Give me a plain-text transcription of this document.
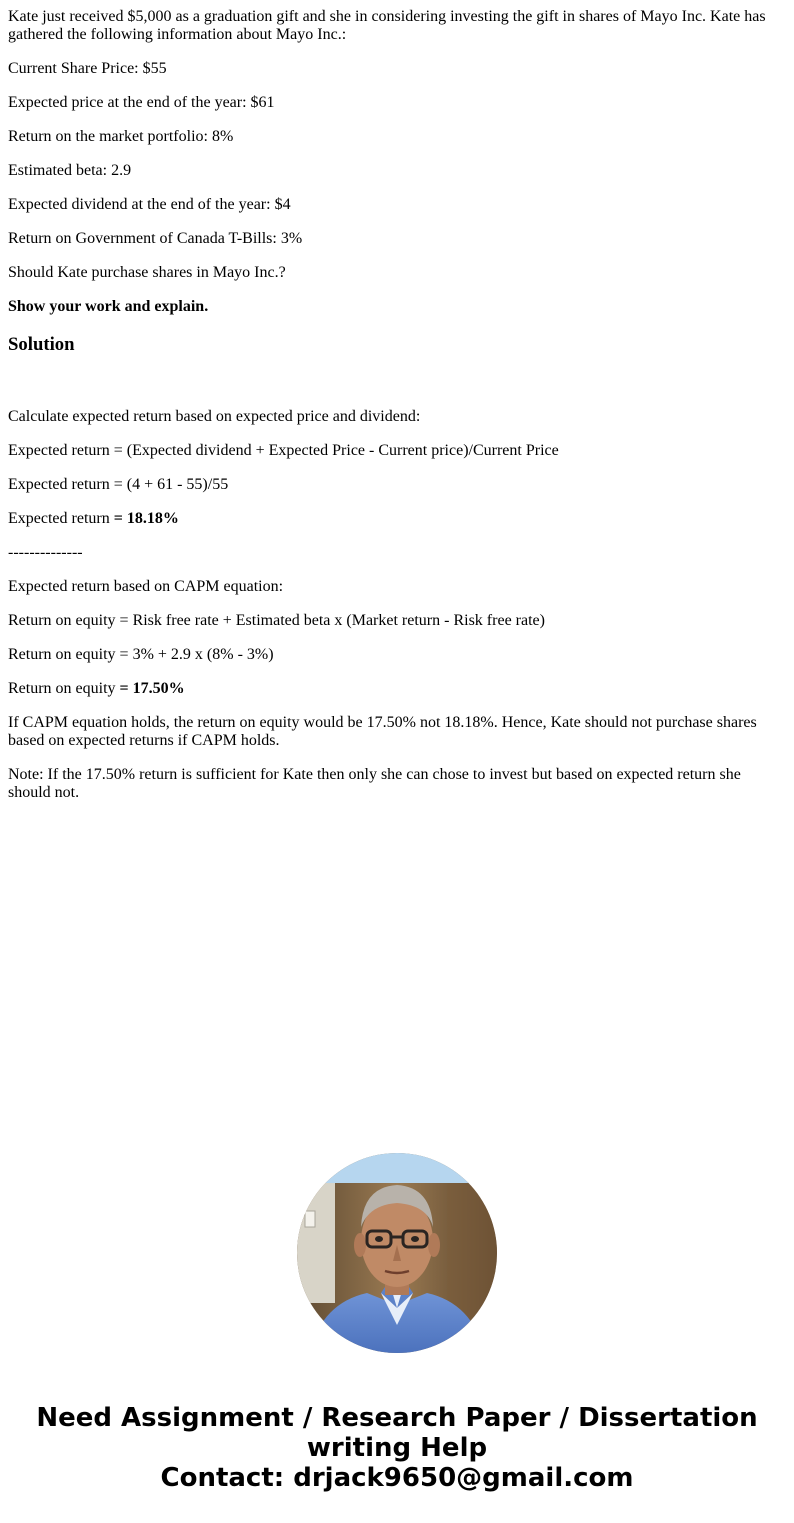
Kate just received $5,000 as a graduation gift and she in considering investing the gift in shares of Mayo Inc. Kate has gathered the following information about Mayo Inc.:

Current Share Price: $55

Expected price at the end of the year: $61

Return on the market portfolio: 8%

Estimated beta: 2.9

Expected dividend at the end of the year: $4

Return on Government of Canada T-Bills: 3%

Should Kate purchase shares in Mayo Inc.?

Show your work and explain.

Solution

Calculate expected return based on expected price and dividend:

Expected return = (Expected dividend + Expected Price - Current price)/Current Price

Expected return = (4 + 61 - 55)/55

Expected return = 18.18%

--------------

Expected return based on CAPM equation:

Return on equity = Risk free rate + Estimated beta x (Market return - Risk free rate)

Return on equity = 3% + 2.9 x (8% - 3%)

Return on equity = 17.50%

If CAPM equation holds, the return on equity would be 17.50% not 18.18%. Hence, Kate should not purchase shares based on expected returns if CAPM holds.

Note: If the 17.50% return is sufficient for Kate then only she can chose to invest but based on expected return she should not.

Need Assignment / Research Paper / Dissertation
writing Help
Contact: drjack9650@gmail.com
